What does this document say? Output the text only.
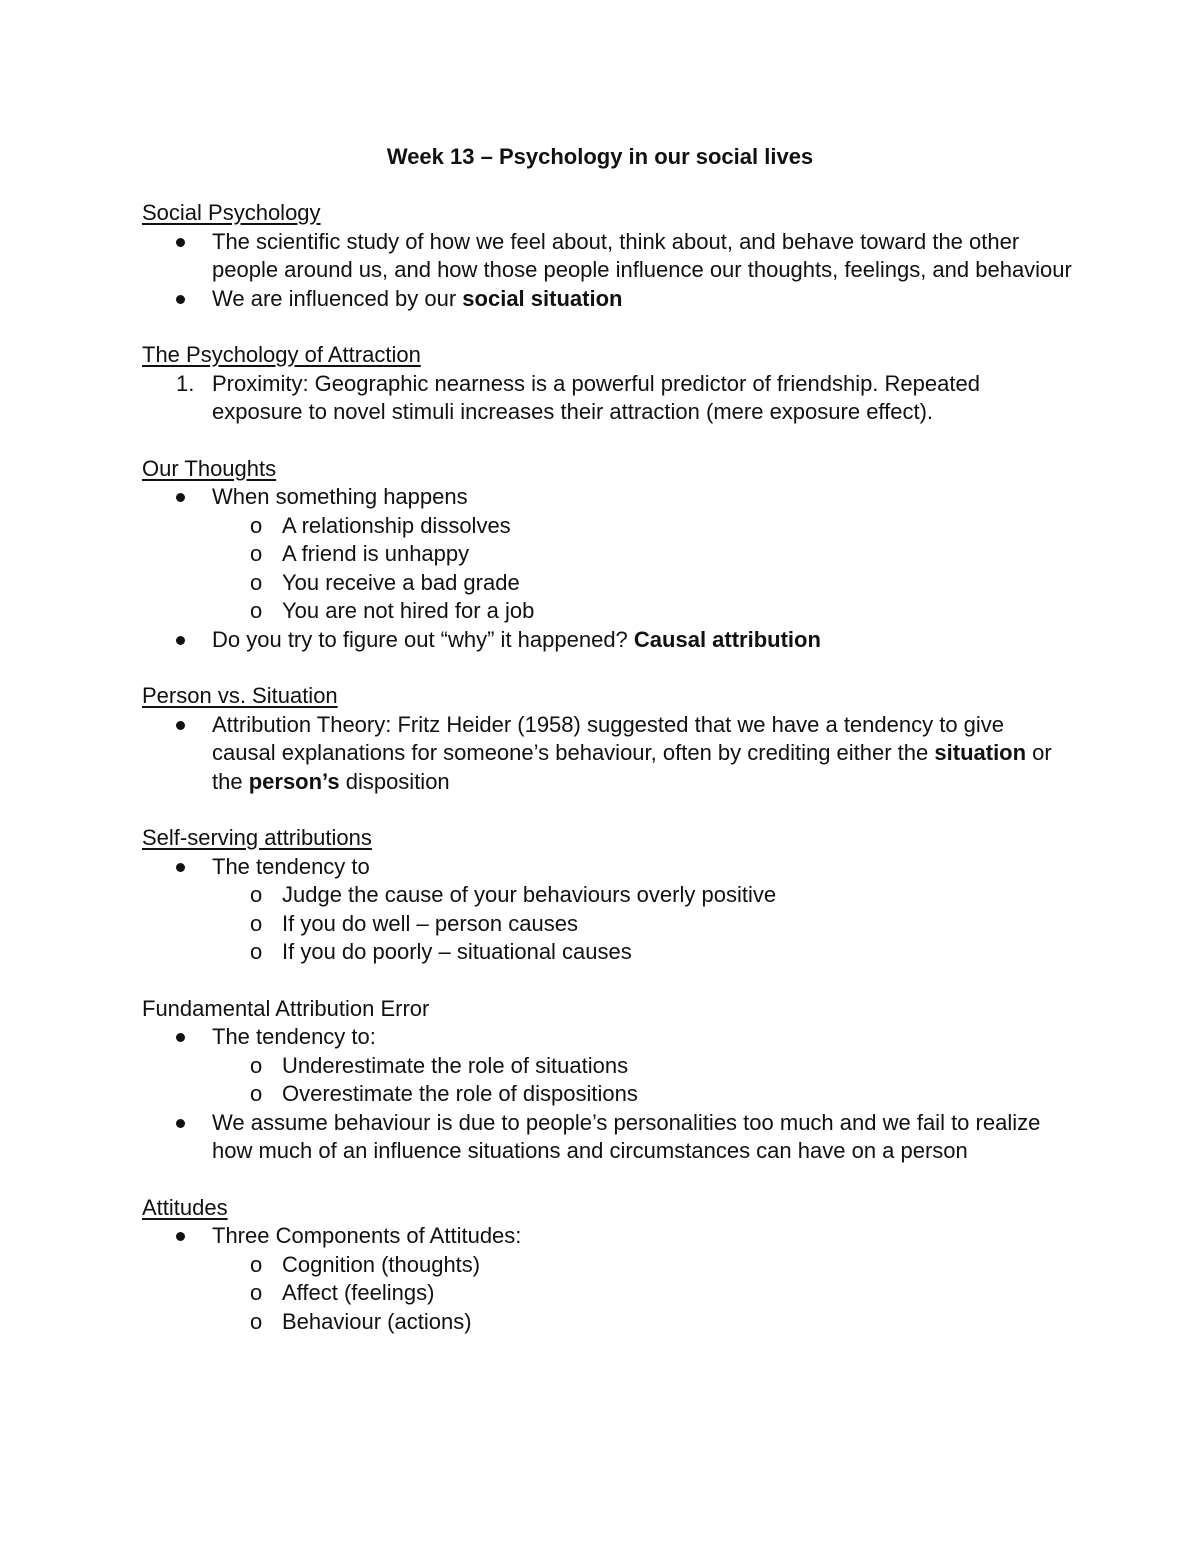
Week 13 – Psychology in our social lives
Social Psychology
The scientific study of how we feel about, think about, and behave toward the other people around us, and how those people influence our thoughts, feelings, and behaviour
We are influenced by our social situation
The Psychology of Attraction
1. Proximity: Geographic nearness is a powerful predictor of friendship. Repeated exposure to novel stimuli increases their attraction (mere exposure effect).
Our Thoughts
When something happens
o A relationship dissolves
o A friend is unhappy
o You receive a bad grade
o You are not hired for a job
Do you try to figure out “why” it happened? Causal attribution
Person vs. Situation
Attribution Theory: Fritz Heider (1958) suggested that we have a tendency to give causal explanations for someone’s behaviour, often by crediting either the situation or the person’s disposition
Self-serving attributions
The tendency to
o Judge the cause of your behaviours overly positive
o If you do well – person causes
o If you do poorly – situational causes
Fundamental Attribution Error
The tendency to:
o Underestimate the role of situations
o Overestimate the role of dispositions
We assume behaviour is due to people’s personalities too much and we fail to realize how much of an influence situations and circumstances can have on a person
Attitudes
Three Components of Attitudes:
o Cognition (thoughts)
o Affect (feelings)
o Behaviour (actions)
